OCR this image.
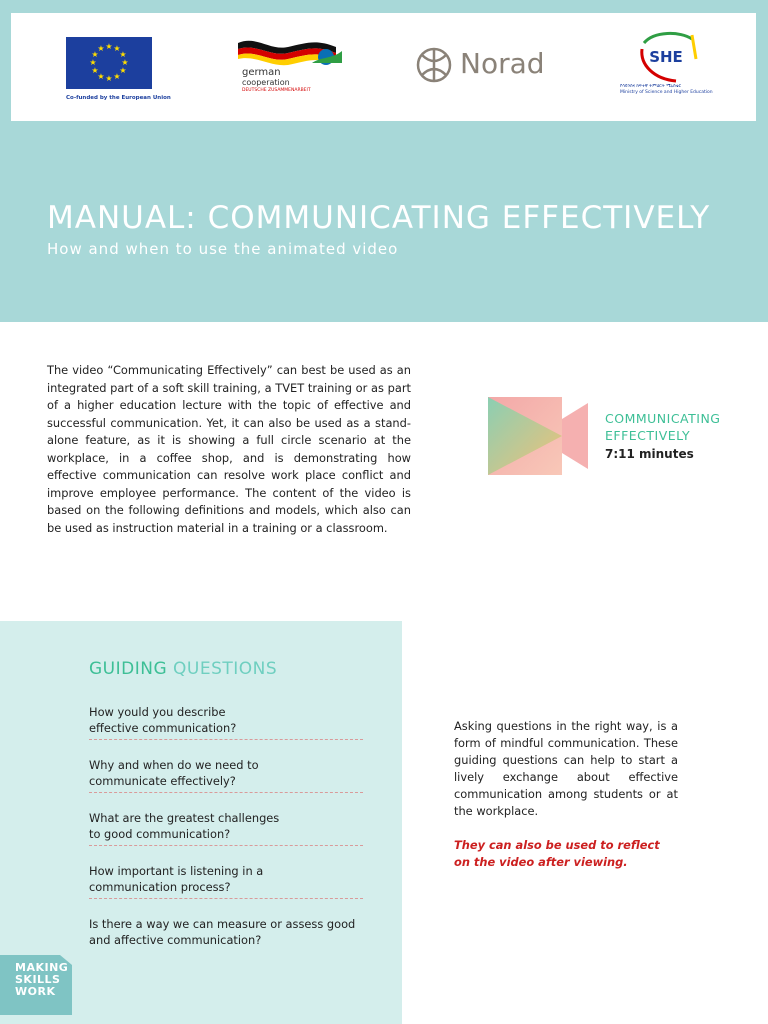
★ ★
★
★
★
★
★
★
★
★
★
★
Co-funded by the European Union
german
cooperation
DEUTSCHE ZUSAMMENARBEIT
Norad	SHE
የሳይንስና ከፍተኛ ትምህርት ሚኒስቴር
Ministry of Science and Higher Education
MANUAL: COMMUNICATING EFFECTIVELY

How and when to use the animated video

The video “Communicating Effectively” can best be used as an integrated part of a soft skill training, a TVET training or as part of a higher education lecture with the topic of effective and successful communication. Yet, it can also be used as a stand-alone feature, as it is showing a full circle scenario at the workplace, in a coffee shop, and is demonstrating how effective communication can resolve work place conflict and improve employee performance. The content of the video is based on the following definitions and models, which also can be used as instruction material in a training or a classroom.

COMMUNICATING
EFFECTIVELY
7:11 minutes
GUIDING QUESTIONS
How yould you describe
effective communication?
Why and when do we need to
communicate effectively?
What are the greatest challenges
to good communication?
How important is listening in a
communication process?
Is there a way we can measure or assess good
and affective communication?

Asking questions in the right way, is a form of mindful communication. These guiding questions can help to start a lively exchange about effective communication among students or at the workplace.

They can also be used to reflect
on the video after viewing.
MAKING
SKILLS
WORK
